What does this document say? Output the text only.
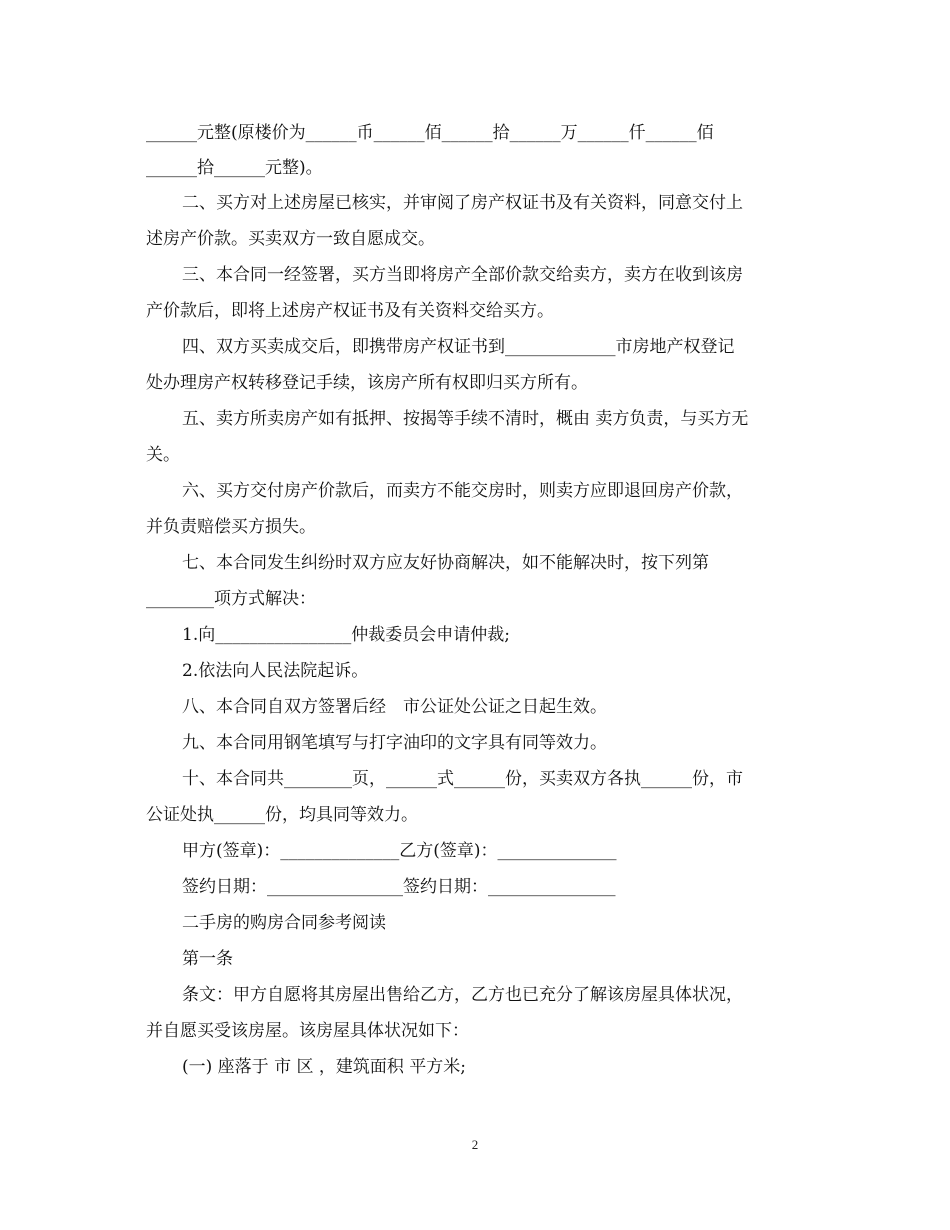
______元整(原楼价为______币______佰______拾______万______仟______佰
______拾______元整)。
二、买方对上述房屋已核实，并审阅了房产权证书及有关资料，同意交付上
述房产价款。买卖双方一致自愿成交。
三、本合同一经签署，买方当即将房产全部价款交给卖方，卖方在收到该房
产价款后，即将上述房产权证书及有关资料交给买方。
四、双方买卖成交后，即携带房产权证书到_____________市房地产权登记
处办理房产权转移登记手续，该房产所有权即归买方所有。
五、卖方所卖房产如有抵押、按揭等手续不清时，概由 卖方负责，与买方无
关。
六、买方交付房产价款后，而卖方不能交房时，则卖方应即退回房产价款，
并负责赔偿买方损失。
七、本合同发生纠纷时双方应友好协商解决，如不能解决时，按下列第
________项方式解决：
1.向________________仲裁委员会申请仲裁;
2.依法向人民法院起诉。
八、本合同自双方签署后经　市公证处公证之日起生效。
九、本合同用钢笔填写与打字油印的文字具有同等效力。
十、本合同共________页，______式______份，买卖双方各执______份，市
公证处执______份，均具同等效力。
甲方(签章)：______________乙方(签章)：______________
签约日期：________________签约日期：_______________
二手房的购房合同参考阅读
第一条
条文：甲方自愿将其房屋出售给乙方，乙方也已充分了解该房屋具体状况，
并自愿买受该房屋。该房屋具体状况如下：
(一) 座落于 市 区 ，建筑面积 平方米;
2
